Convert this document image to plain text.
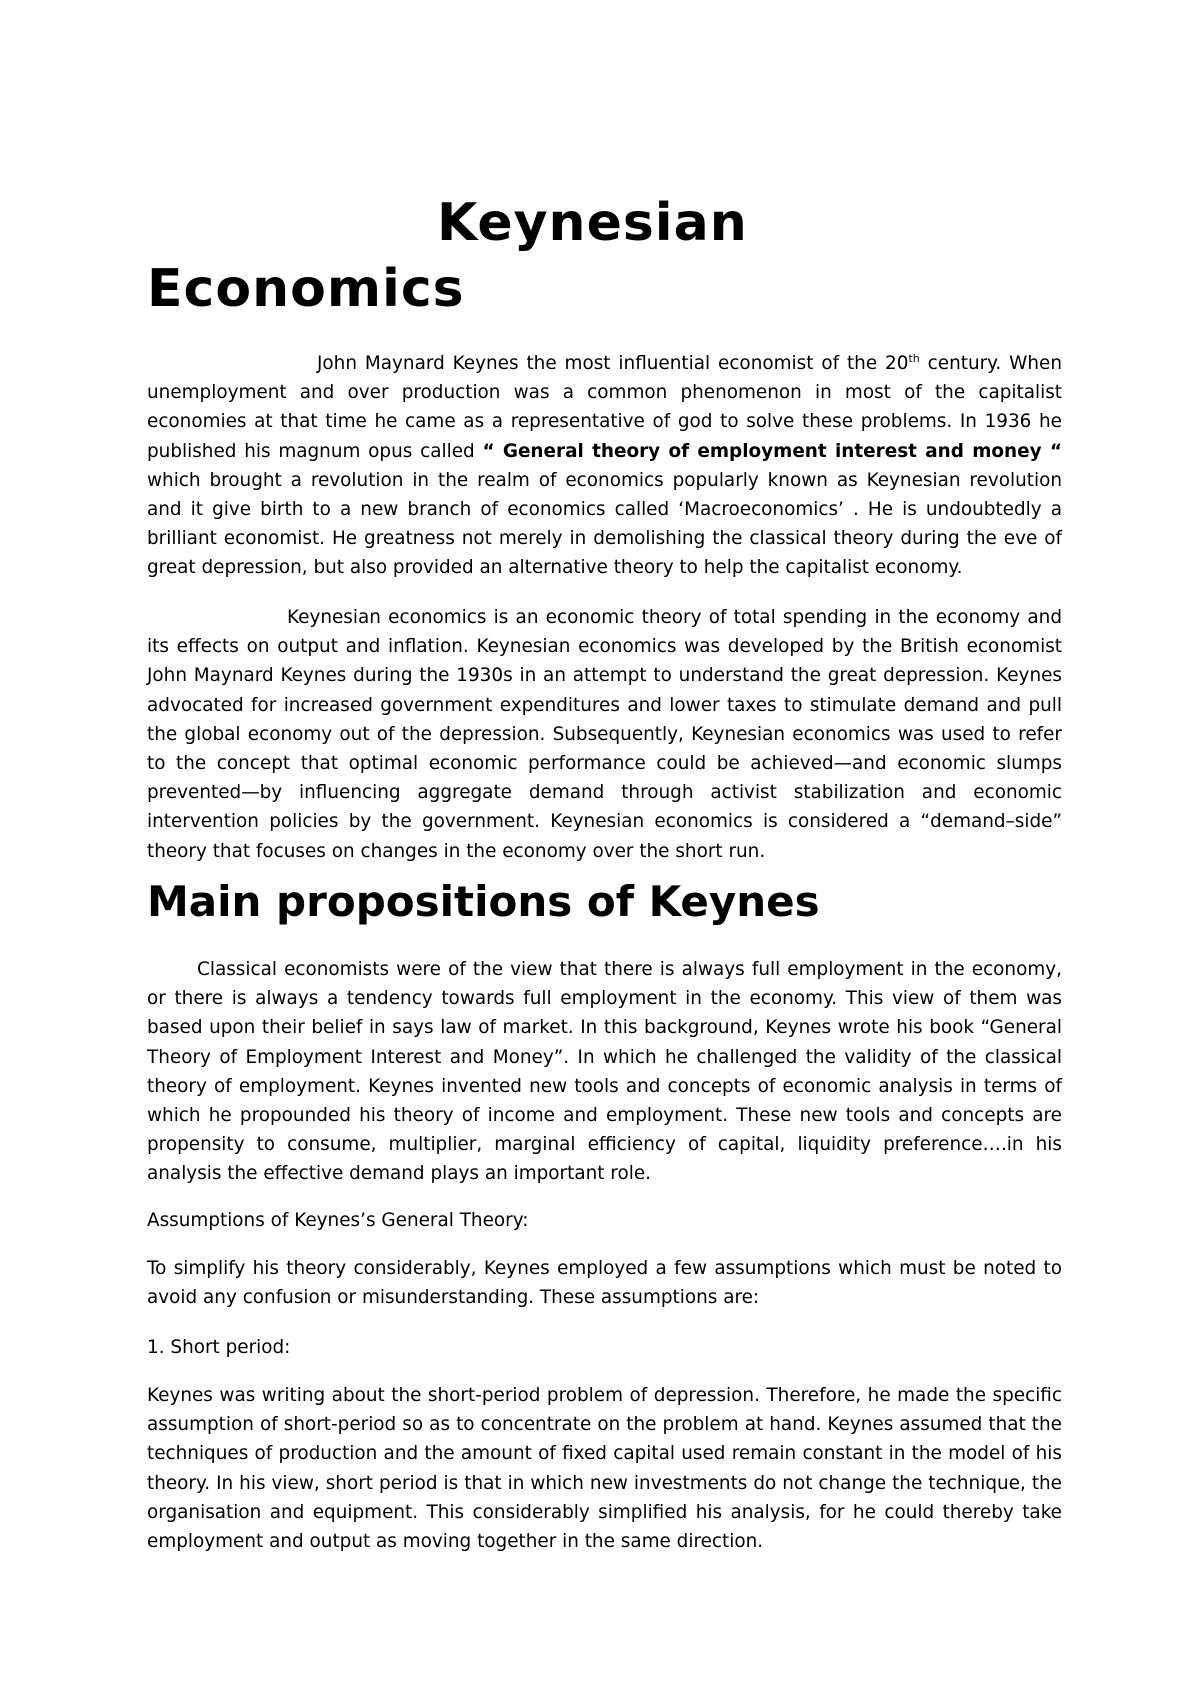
Keynesian
Economics

John Maynard Keynes the most influential economist of the 20th century. When unemployment and over production was a common phenomenon in most of the capitalist economies at that time he came as a representative of god to solve these problems. In 1936 he published his magnum opus called “ General theory of employment interest and money “ which brought a revolution in the realm of economics popularly known as Keynesian revolution and it give birth to a new branch of economics called ‘Macroeconomics’ . He is undoubtedly a brilliant economist. He greatness not merely in demolishing the classical theory during the eve of great depression, but also provided an alternative theory to help the capitalist economy.

Keynesian economics is an economic theory of total spending in the economy and its effects on output and inflation. Keynesian economics was developed by the British economist John Maynard Keynes during the 1930s in an attempt to understand the great depression. Keynes advocated for increased government expenditures and lower taxes to stimulate demand and pull the global economy out of the depression. Subsequently, Keynesian economics was used to refer to the concept that optimal economic performance could be achieved—and economic slumps prevented—by influencing aggregate demand through activist stabilization and economic intervention policies by the government. Keynesian economics is considered a “demand–side” theory that focuses on changes in the economy over the short run.

Main propositions of Keynes

Classical economists were of the view that there is always full employment in the economy, or there is always a tendency towards full employment in the economy. This view of them was based upon their belief in says law of market. In this background, Keynes wrote his book “General Theory of Employment Interest and Money”. In which he challenged the validity of the classical theory of employment. Keynes invented new tools and concepts of economic analysis in terms of which he propounded his theory of income and employment. These new tools and concepts are propensity to consume, multiplier, marginal efficiency of capital, liquidity preference….in his analysis the effective demand plays an important role.

Assumptions of Keynes’s General Theory:

To simplify his theory considerably, Keynes employed a few assumptions which must be noted to avoid any confusion or misunderstanding. These assumptions are:

1. Short period:

Keynes was writing about the short-period problem of depression. Therefore, he made the specific assumption of short-period so as to concentrate on the problem at hand. Keynes assumed that the techniques of production and the amount of fixed capital used remain constant in the model of his theory. In his view, short period is that in which new investments do not change the technique, the organisation and equipment. This considerably simplified his analysis, for he could thereby take employment and output as moving together in the same direction.
